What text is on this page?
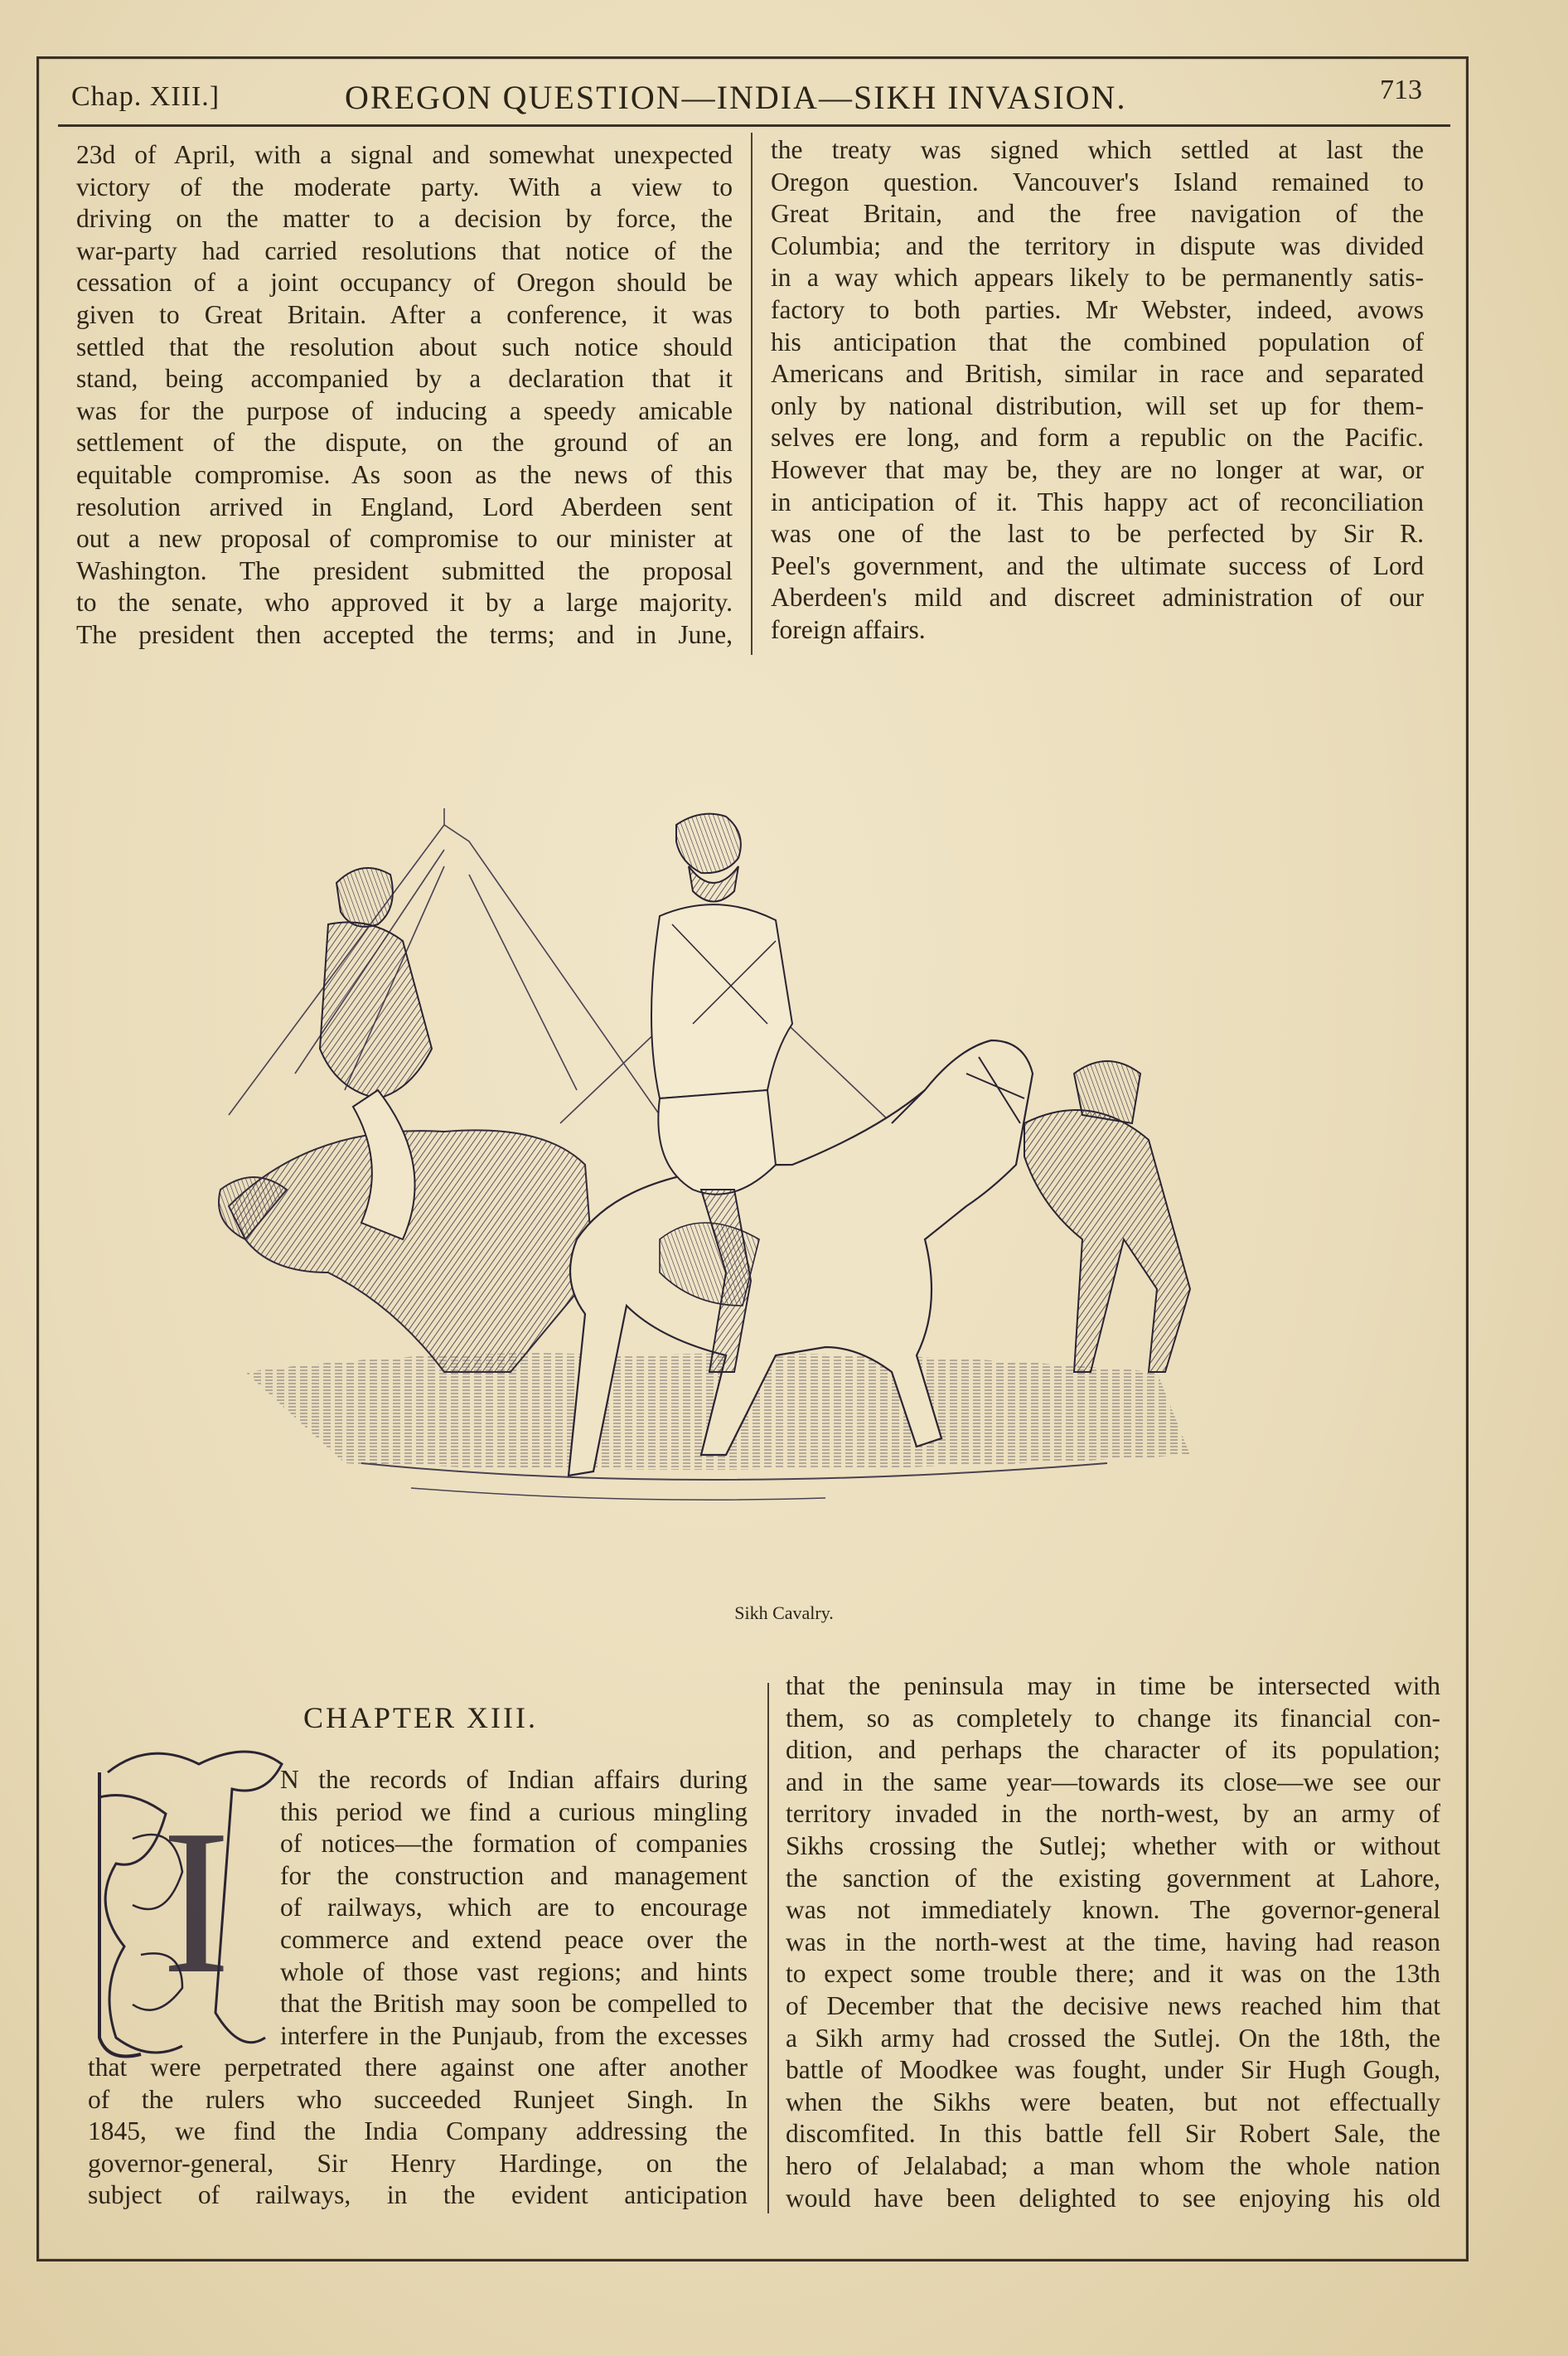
Chap. XIII.]	OREGON QUESTION—INDIA—SIKH INVASION.	713
23d of April, with a signal and somewhat unexpected
victory of the moderate party. With a view to
driving on the matter to a decision by force, the
war-party had carried resolutions that notice of the
cessation of a joint occupancy of Oregon should be
given to Great Britain. After a conference, it was
settled that the resolution about such notice should
stand, being accompanied by a declaration that it
was for the purpose of inducing a speedy amicable
settlement of the dispute, on the ground of an
equitable compromise. As soon as the news of this
resolution arrived in England, Lord Aberdeen sent
out a new proposal of compromise to our minister at
Washington. The president submitted the proposal
to the senate, who approved it by a large majority.
The president then accepted the terms; and in June,
the treaty was signed which settled at last the
Oregon question. Vancouver's Island remained to
Great Britain, and the free navigation of the
Columbia; and the territory in dispute was divided
in a way which appears likely to be permanently satis-
factory to both parties. Mr Webster, indeed, avows
his anticipation that the combined population of
Americans and British, similar in race and separated
only by national distribution, will set up for them-
selves ere long, and form a republic on the Pacific.
However that may be, they are no longer at war, or
in anticipation of it. This happy act of reconciliation
was one of the last to be perfected by Sir R.
Peel's government, and the ultimate success of Lord
Aberdeen's mild and discreet administration of our
foreign affairs.
Sikh Cavalry.
CHAPTER XIII.
I
N the records of Indian affairs during
this period we find a curious mingling
of notices—the formation of companies
for the construction and management
of railways, which are to encourage
commerce and extend peace over the
whole of those vast regions; and hints
that the British may soon be compelled to
interfere in the Punjaub, from the excesses
that were perpetrated there against one after another
of the rulers who succeeded Runjeet Singh. In
1845, we find the India Company addressing the
governor-general, Sir Henry Hardinge, on the
subject of railways, in the evident anticipation
that the peninsula may in time be intersected with
them, so as completely to change its financial con-
dition, and perhaps the character of its population;
and in the same year—towards its close—we see our
territory invaded in the north-west, by an army of
Sikhs crossing the Sutlej; whether with or without
the sanction of the existing government at Lahore,
was not immediately known. The governor-general
was in the north-west at the time, having had reason
to expect some trouble there; and it was on the 13th
of December that the decisive news reached him that
a Sikh army had crossed the Sutlej. On the 18th, the
battle of Moodkee was fought, under Sir Hugh Gough,
when the Sikhs were beaten, but not effectually
discomfited. In this battle fell Sir Robert Sale, the
hero of Jelalabad; a man whom the whole nation
would have been delighted to see enjoying his old
